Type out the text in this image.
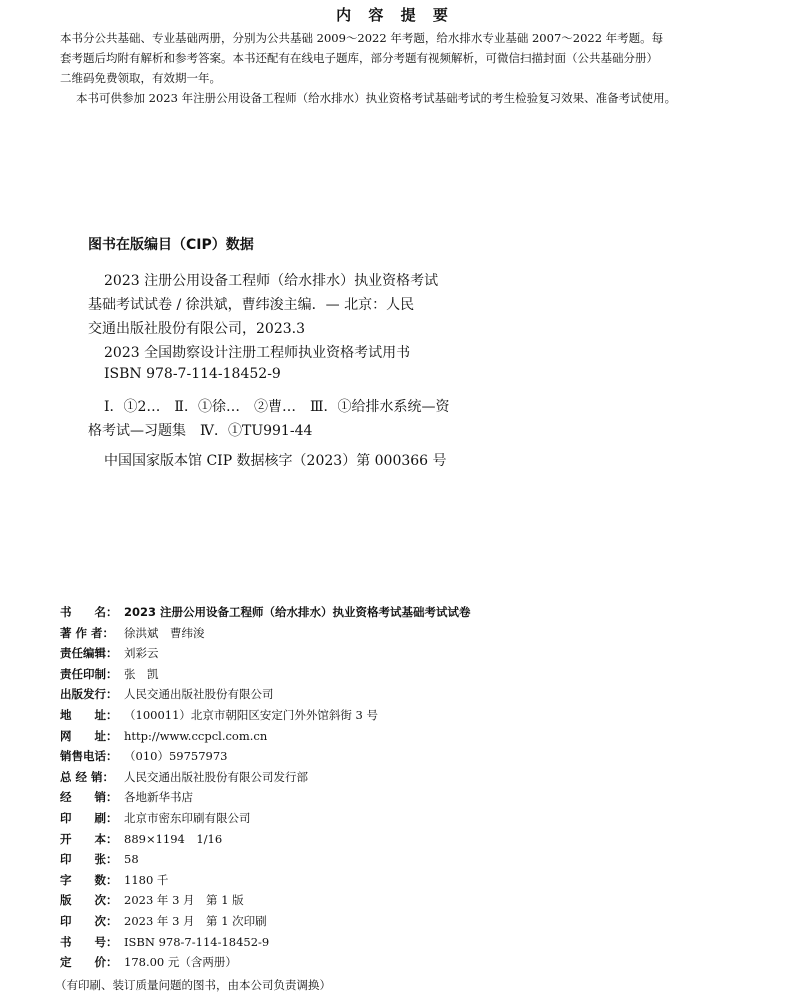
内 容 提 要
本书分公共基础、专业基础两册，分别为公共基础 2009～2022 年考题，给水排水专业基础 2007～2022 年考题。每
套考题后均附有解析和参考答案。本书还配有在线电子题库，部分考题有视频解析，可微信扫描封面（公共基础分册）
二维码免费领取，有效期一年。
本书可供参加 2023 年注册公用设备工程师（给水排水）执业资格考试基础考试的考生检验复习效果、准备考试使用。
图书在版编目（CIP）数据
2023 注册公用设备工程师（给水排水）执业资格考试
基础考试试卷 / 徐洪斌，曹纬浚主编．— 北京：人民
交通出版社股份有限公司，2023.3
2023 全国勘察设计注册工程师执业资格考试用书
ISBN 978-7-114-18452-9
Ⅰ．①2…　Ⅱ．①徐…　②曹…　Ⅲ．①给排水系统—资
格考试—习题集　Ⅳ．①TU991-44
中国国家版本馆 CIP 数据核字（2023）第 000366 号
书　　名： 2023 注册公用设备工程师（给水排水）执业资格考试基础考试试卷
著 作 者： 徐洪斌　曹纬浚
责任编辑： 刘彩云
责任印制： 张　凯
出版发行： 人民交通出版社股份有限公司
地　　址： （100011）北京市朝阳区安定门外外馆斜街 3 号
网　　址： http://www.ccpcl.com.cn
销售电话： （010）59757973
总 经 销： 人民交通出版社股份有限公司发行部
经　　销： 各地新华书店
印　　刷： 北京市密东印刷有限公司
开　　本： 889×1194　1/16
印　　张： 58
字　　数： 1180 千
版　　次： 2023 年 3 月　第 1 版
印　　次： 2023 年 3 月　第 1 次印刷
书　　号： ISBN 978-7-114-18452-9
定　　价： 178.00 元（含两册）
（有印刷、装订质量问题的图书，由本公司负责调换）
